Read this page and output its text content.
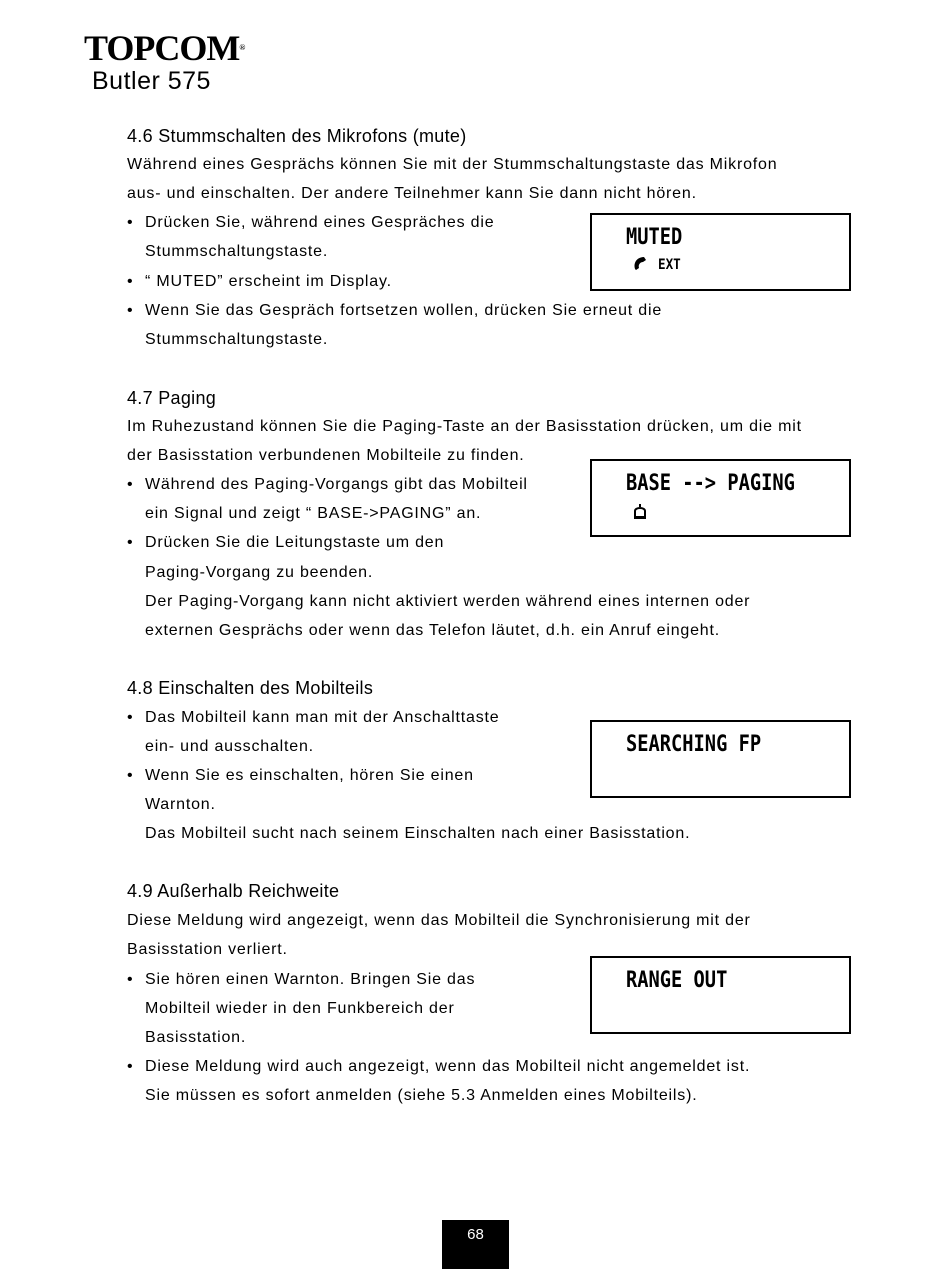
TOPCOM®
Butler 575
4.6 Stummschalten des Mikrofons (mute)
Während eines Gesprächs können Sie mit der Stummschaltungstaste das Mikrofon
aus- und einschalten. Der andere Teilnehmer kann Sie dann nicht hören.
• Drücken Sie, während eines Gespräches die
Stummschaltungstaste.
• “ MUTED” erscheint im Display.
• Wenn Sie das Gespräch fortsetzen wollen, drücken Sie erneut die
Stummschaltungstaste.
MUTED
EXT
4.7 Paging
Im Ruhezustand können Sie die Paging-Taste an der Basisstation drücken, um die mit
der Basisstation verbundenen Mobilteile zu finden.
• Während des Paging-Vorgangs gibt das Mobilteil
ein Signal und zeigt “ BASE->PAGING” an.
• Drücken Sie die Leitungstaste um den
Paging-Vorgang zu beenden.
Der Paging-Vorgang kann nicht aktiviert werden während eines internen oder
externen Gesprächs oder wenn das Telefon läutet, d.h. ein Anruf eingeht.
BASE --> PAGING
4.8 Einschalten des Mobilteils
• Das Mobilteil kann man mit der Anschalttaste
ein- und ausschalten.
• Wenn Sie es einschalten, hören Sie einen
Warnton.
Das Mobilteil sucht nach seinem Einschalten nach einer Basisstation.
SEARCHING FP
4.9 Außerhalb Reichweite
Diese Meldung wird angezeigt, wenn das Mobilteil die Synchronisierung mit der
Basisstation verliert.
• Sie hören einen Warnton. Bringen Sie das
Mobilteil wieder in den Funkbereich der
Basisstation.
• Diese Meldung wird auch angezeigt, wenn das Mobilteil nicht angemeldet ist.
Sie müssen es sofort anmelden (siehe 5.3 Anmelden eines Mobilteils).
RANGE OUT
68
